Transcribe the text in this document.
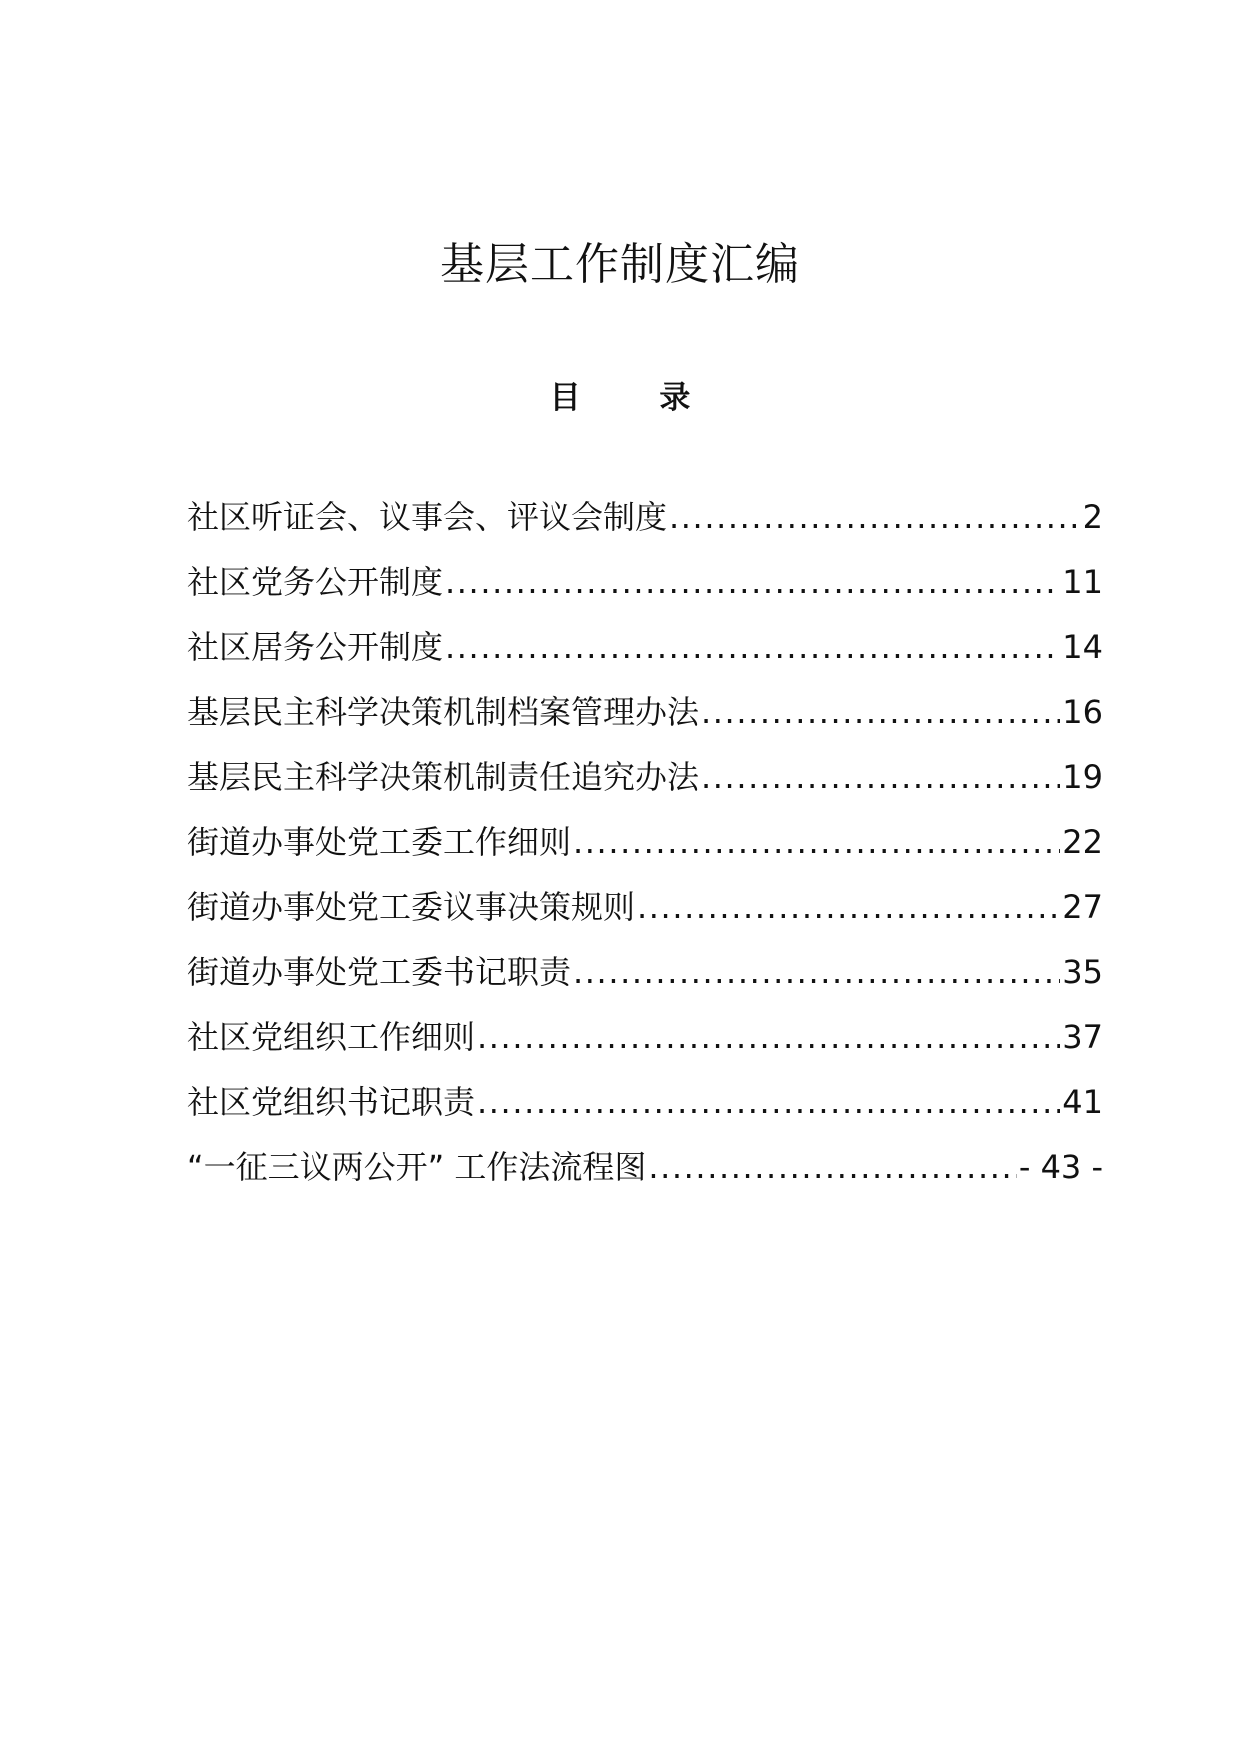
基层工作制度汇编
目 录
社区听证会、议事会、评议会制度 .....	2
社区党务公开制度 .....	11
社区居务公开制度 .....	14
基层民主科学决策机制档案管理办法 .....	16
基层民主科学决策机制责任追究办法 .....	19
街道办事处党工委工作细则 .....	22
街道办事处党工委议事决策规则 .....	27
街道办事处党工委书记职责 .....	35
社区党组织工作细则 .....	37
社区党组织书记职责 .....	41
“一征三议两公开” 工作法流程图 .....	- 43 -
